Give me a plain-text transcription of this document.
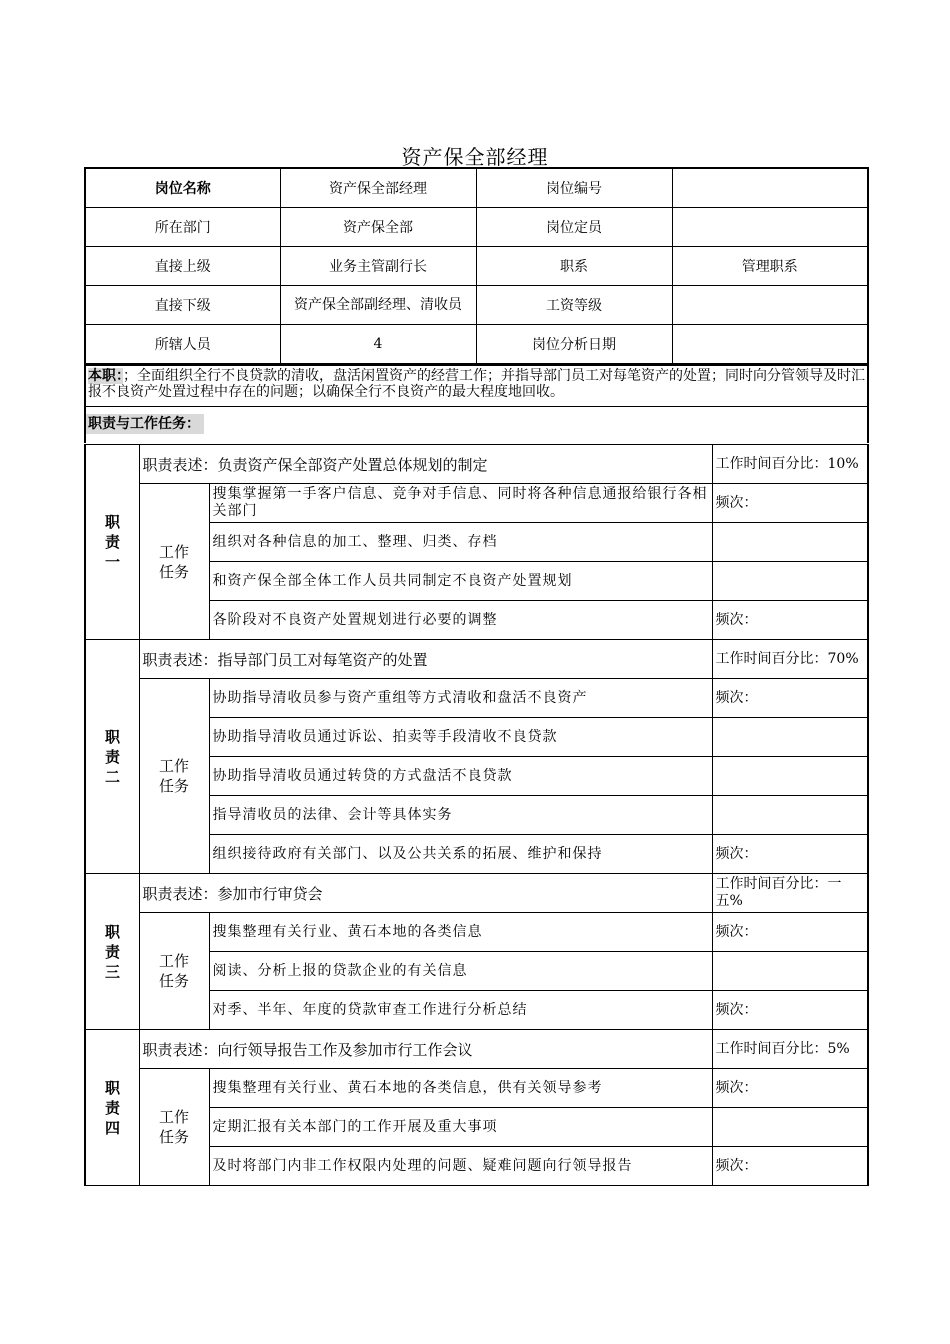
资产保全部经理
岗位名称	资产保全部经理	岗位编号	
所在部门	资产保全部	岗位定员	
直接上级	业务主管副行长	职系	管理职系
直接下级	资产保全部副经理、清收员	工资等级	
所辖人员	4	岗位分析日期	
本职：；全面组织全行不良贷款的清收，盘活闲置资产的经营工作；并指导部门员工对每笔资产的处置；同时向分管领导及时汇报不良资产处置过程中存在的问题；以确保全行不良资产的最大程度地回收。
职责与工作任务：
职责一	职责表述：负责资产保全部资产处置总体规划的制定		工作时间百分比：10%
	工作任务	搜集掌握第一手客户信息、竞争对手信息、同时将各种信息通报给银行各相关部门	频次：
		组织对各种信息的加工、整理、归类、存档	
		和资产保全部全体工作人员共同制定不良资产处置规划	
		各阶段对不良资产处置规划进行必要的调整	频次：
职责二	职责表述：指导部门员工对每笔资产的处置		工作时间百分比：70%
	工作任务	协助指导清收员参与资产重组等方式清收和盘活不良资产	频次：
		协助指导清收员通过诉讼、拍卖等手段清收不良贷款	
		协助指导清收员通过转贷的方式盘活不良贷款	
		指导清收员的法律、会计等具体实务	
		组织接待政府有关部门、以及公共关系的拓展、维护和保持	频次：
职责三	职责表述：参加市行审贷会		工作时间百分比：一五%
	工作任务	搜集整理有关行业、黄石本地的各类信息	频次：
		阅读、分析上报的贷款企业的有关信息	
		对季、半年、年度的贷款审查工作进行分析总结	频次：
职责四	职责表述：向行领导报告工作及参加市行工作会议		工作时间百分比：5%
	工作任务	搜集整理有关行业、黄石本地的各类信息，供有关领导参考	频次：
		定期汇报有关本部门的工作开展及重大事项	
		及时将部门内非工作权限内处理的问题、疑难问题向行领导报告	频次：
